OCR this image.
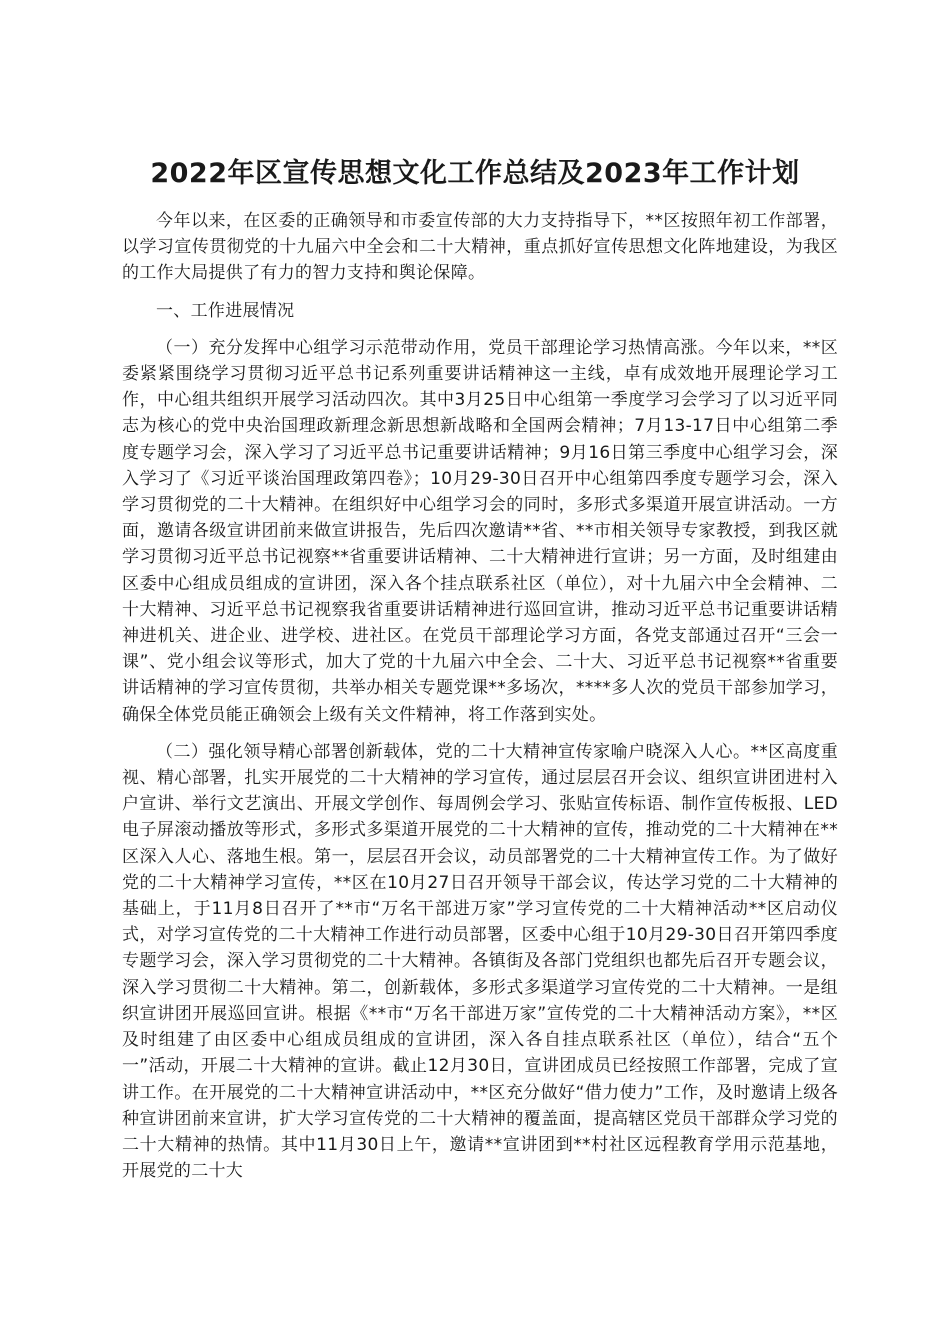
2022年区宣传思想文化工作总结及2023年工作计划

今年以来，在区委的正确领导和市委宣传部的大力支持指导下，**区按照年初工作部署，以学习宣传贯彻党的十九届六中全会和二十大精神，重点抓好宣传思想文化阵地建设，为我区的工作大局提供了有力的智力支持和舆论保障。

一、工作进展情况

（一）充分发挥中心组学习示范带动作用，党员干部理论学习热情高涨。今年以来，**区委紧紧围绕学习贯彻习近平总书记系列重要讲话精神这一主线，卓有成效地开展理论学习工作，中心组共组织开展学习活动四次。其中3月25日中心组第一季度学习会学习了以习近平同志为核心的党中央治国理政新理念新思想新战略和全国两会精神；7月13-17日中心组第二季度专题学习会，深入学习了习近平总书记重要讲话精神；9月16日第三季度中心组学习会，深入学习了《习近平谈治国理政第四卷》；10月29-30日召开中心组第四季度专题学习会，深入学习贯彻党的二十大精神。在组织好中心组学习会的同时，多形式多渠道开展宣讲活动。一方面，邀请各级宣讲团前来做宣讲报告，先后四次邀请**省、**市相关领导专家教授，到我区就学习贯彻习近平总书记视察**省重要讲话精神、二十大精神进行宣讲；另一方面，及时组建由区委中心组成员组成的宣讲团，深入各个挂点联系社区（单位），对十九届六中全会精神、二十大精神、习近平总书记视察我省重要讲话精神进行巡回宣讲，推动习近平总书记重要讲话精神进机关、进企业、进学校、进社区。在党员干部理论学习方面，各党支部通过召开“三会一课”、党小组会议等形式，加大了党的十九届六中全会、二十大、习近平总书记视察**省重要讲话精神的学习宣传贯彻，共举办相关专题党课**多场次，****多人次的党员干部参加学习，确保全体党员能正确领会上级有关文件精神，将工作落到实处。

（二）强化领导精心部署创新载体，党的二十大精神宣传家喻户晓深入人心。**区高度重视、精心部署，扎实开展党的二十大精神的学习宣传，通过层层召开会议、组织宣讲团进村入户宣讲、举行文艺演出、开展文学创作、每周例会学习、张贴宣传标语、制作宣传板报、LED电子屏滚动播放等形式，多形式多渠道开展党的二十大精神的宣传，推动党的二十大精神在**区深入人心、落地生根。第一，层层召开会议，动员部署党的二十大精神宣传工作。为了做好党的二十大精神学习宣传，**区在10月27日召开领导干部会议，传达学习党的二十大精神的基础上，于11月8日召开了**市“万名干部进万家”学习宣传党的二十大精神活动**区启动仪式，对学习宣传党的二十大精神工作进行动员部署，区委中心组于10月29-30日召开第四季度专题学习会，深入学习贯彻党的二十大精神。各镇街及各部门党组织也都先后召开专题会议，深入学习贯彻二十大精神。第二，创新载体，多形式多渠道学习宣传党的二十大精神。一是组织宣讲团开展巡回宣讲。根据《**市“万名干部进万家”宣传党的二十大精神活动方案》，**区及时组建了由区委中心组成员组成的宣讲团，深入各自挂点联系社区（单位），结合“五个一”活动，开展二十大精神的宣讲。截止12月30日，宣讲团成员已经按照工作部署，完成了宣讲工作。在开展党的二十大精神宣讲活动中，**区充分做好“借力使力”工作，及时邀请上级各种宣讲团前来宣讲，扩大学习宣传党的二十大精神的覆盖面，提高辖区党员干部群众学习党的二十大精神的热情。其中11月30日上午，邀请**宣讲团到**村社区远程教育学用示范基地，开展党的二十大
